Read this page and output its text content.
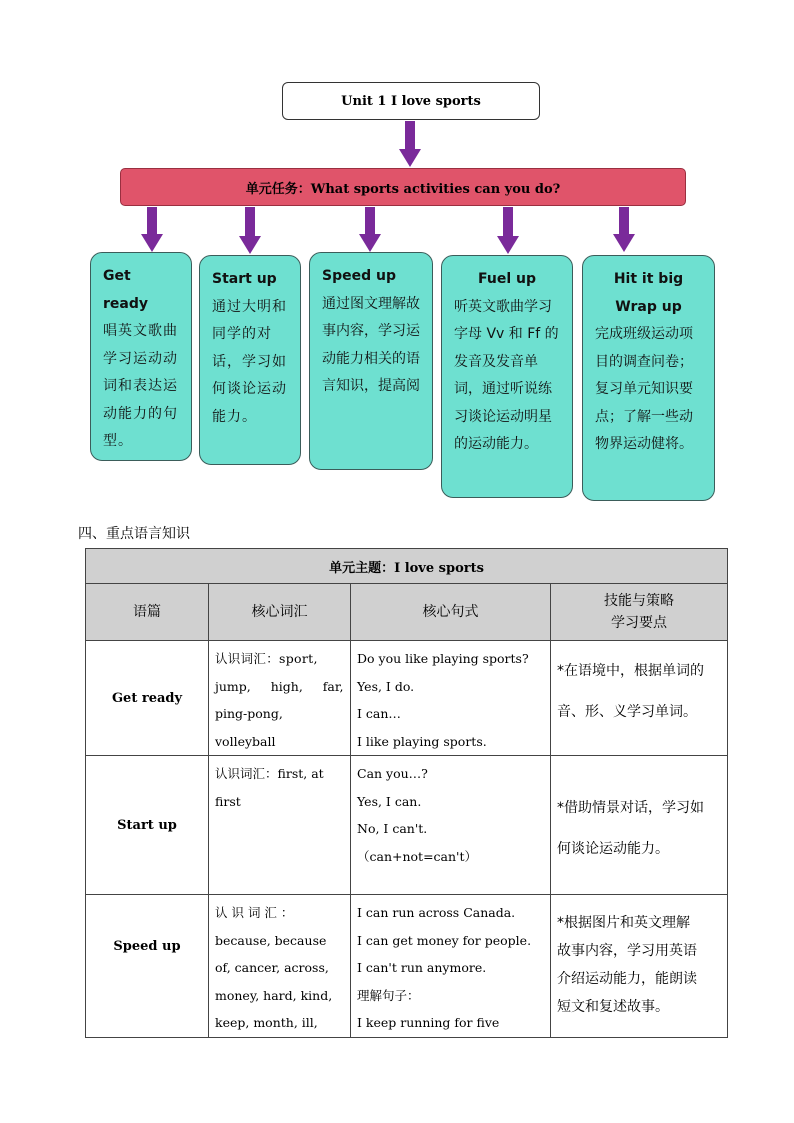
Unit 1 I love sports
单元任务：What sports activities can you do?
Get ready
唱英文歌曲学习运动动词和表达运动能力的句型。
Start up
通过大明和同学的对话，学习如何谈论运动能力。
Speed up
通过图文理解故事内容，学习运动能力相关的语言知识，提高阅
Fuel up
听英文歌曲学习字母 Vv 和 Ff 的发音及发音单词，通过听说练习谈论运动明星的运动能力。
Hit it big Wrap up
完成班级运动项目的调查问卷；复习单元知识要点；了解一些动物界运动健将。
四、重点语言知识
单元主题：I love sports			
语篇	核心词汇	核心句式	技能与策略
学习要点

Get ready	认识词汇：sport,
jump, high, far,
ping-pong,
volleyball	Do you like playing sports?
Yes, I do.
I can…
I like playing sports.	*在语境中，根据单词的
音、形、义学习单词。

Start up	认识词汇：first, at
first	Can you…?
Yes, I can.
No, I can't.
（can+not=can't）	*借助情景对话，学习如
何谈论运动能力。

Speed up	认 识 词 汇 ：
because, because
of, cancer, across,
money, hard, kind,
keep, month, ill,	I can run across Canada.
I can get money for people.
I can't run anymore.
理解句子：
I keep running for five	*根据图片和英文理解
故事内容，学习用英语
介绍运动能力，能朗读
短文和复述故事。
